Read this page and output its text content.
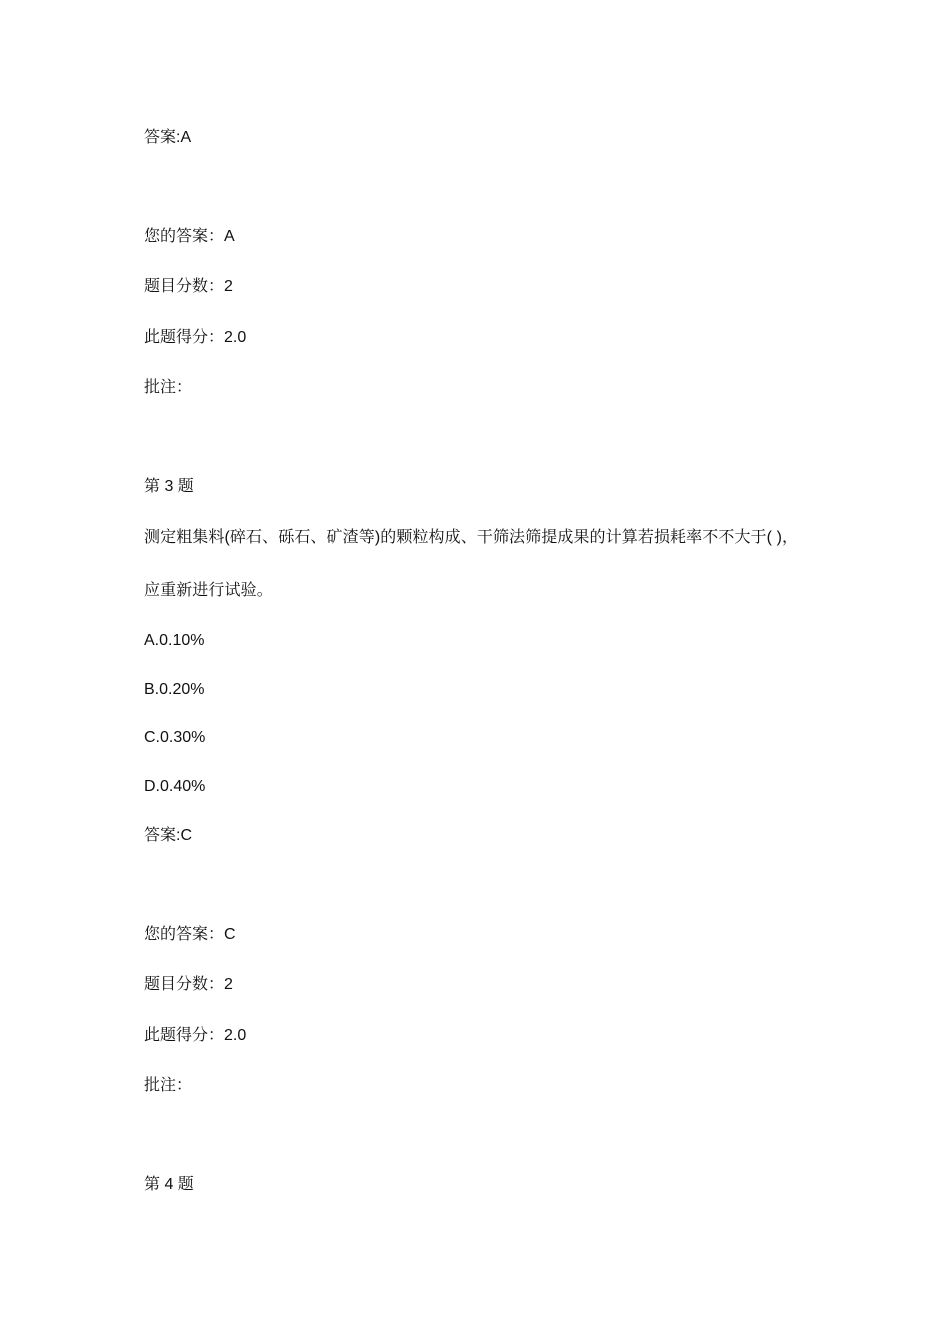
答案:A
您的答案：A
题目分数：2
此题得分：2.0
批注：
第 3 题
测定粗集料(碎石、砾石、矿渣等)的颗粒构成、干筛法筛提成果的计算若损耗率不不大于( )，
应重新进行试验。
A.0.10%
B.0.20%
C.0.30%
D.0.40%
答案:C
您的答案：C
题目分数：2
此题得分：2.0
批注：
第 4 题
